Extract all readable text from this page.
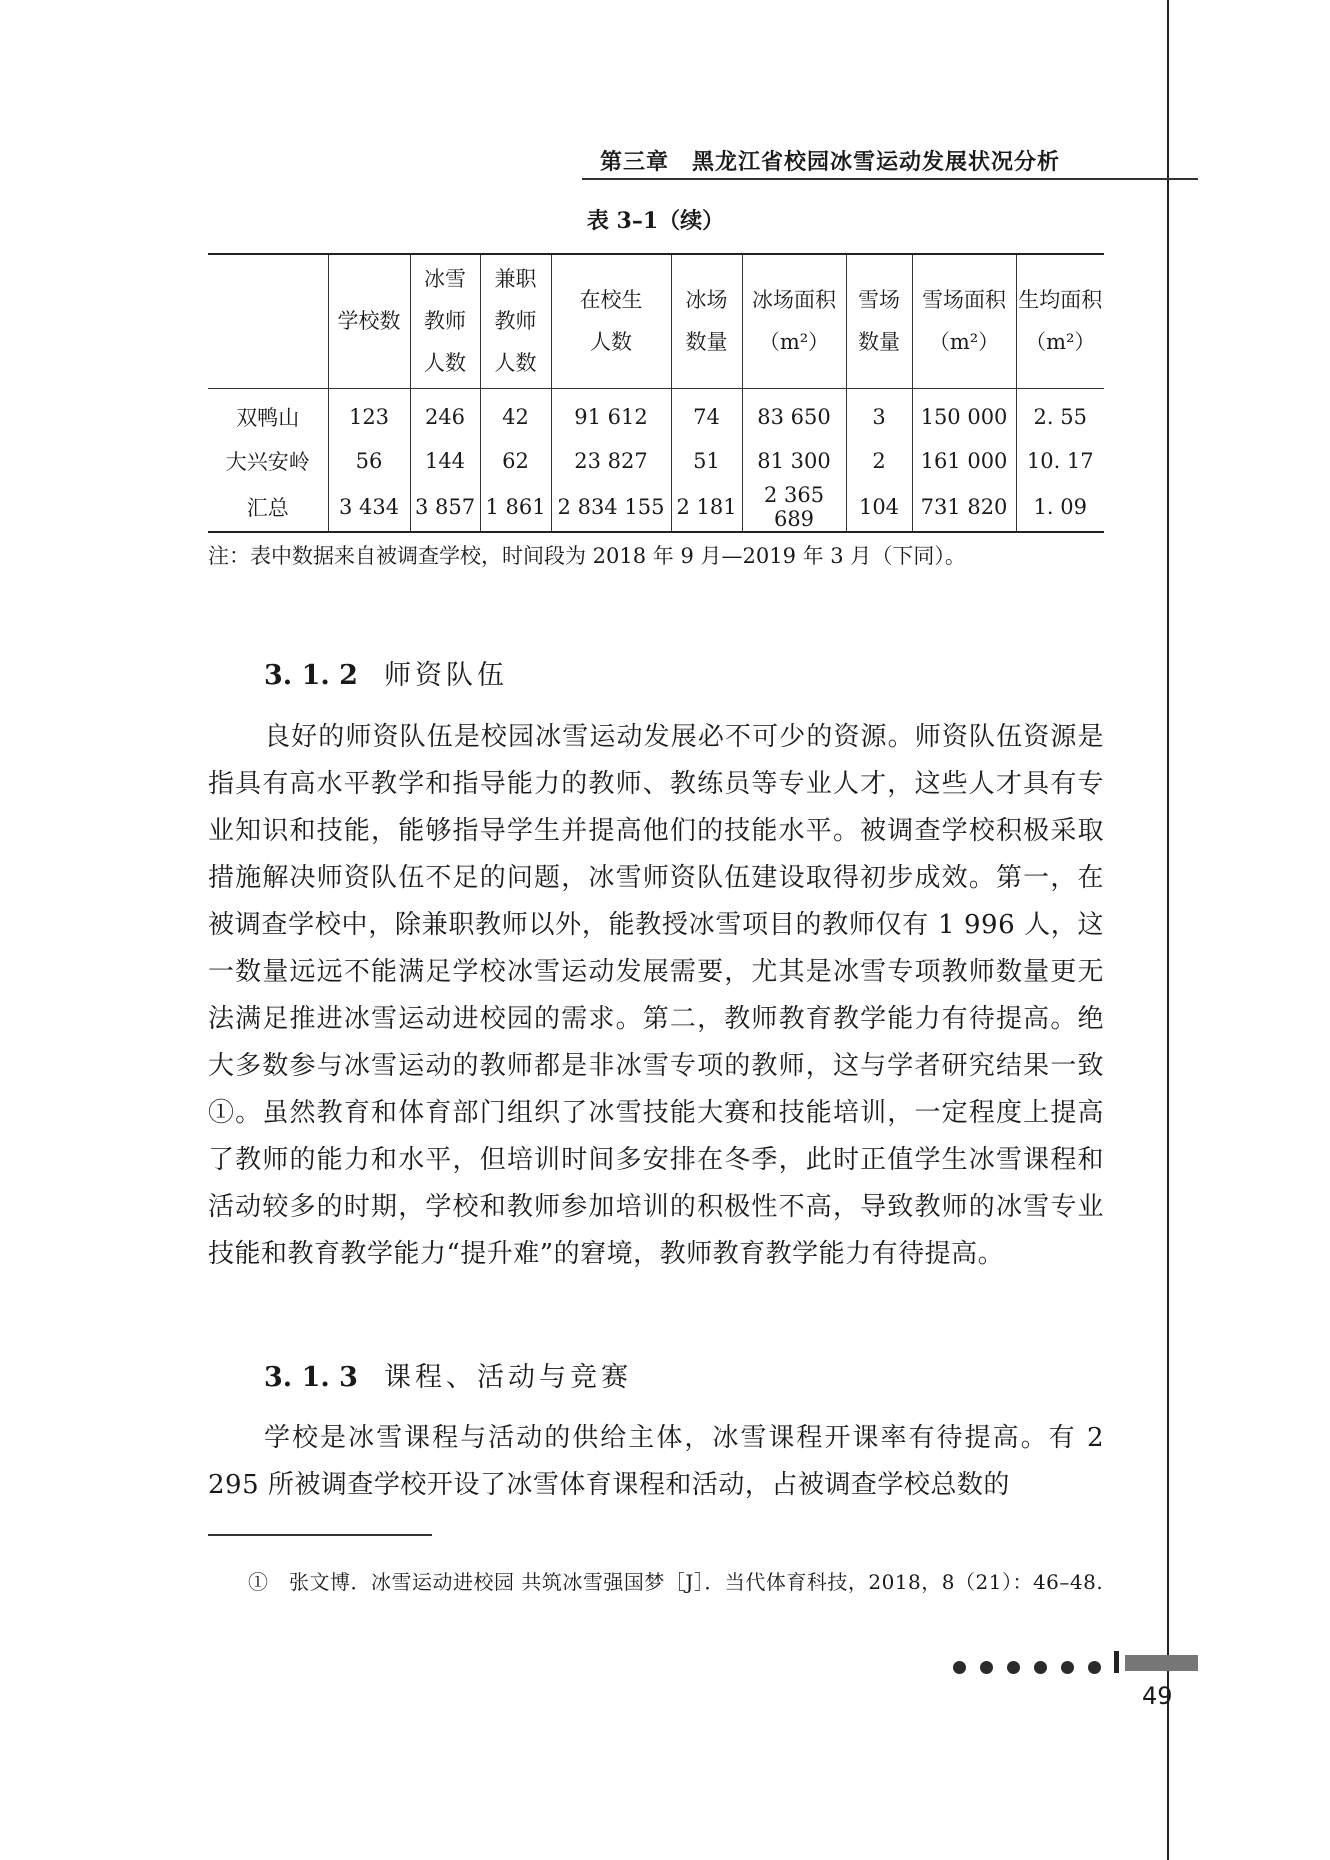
第三章　黑龙江省校园冰雪运动发展状况分析
表 3–1（续）
	学校数	冰雪
教师
人数	兼职
教师
人数	在校生
人数	冰场
数量	冰场面积
（m²）	雪场
数量	雪场面积
（m²）	生均面积
（m²）
双鸭山	123	246	42	91 612	74	83 650	3	150 000	2. 55
大兴安岭	56	144	62	23 827	51	81 300	2	161 000	10. 17
汇总	3 434	3 857	1 861	2 834 155	2 181	2 365 689	104	731 820	1. 09
注：表中数据来自被调查学校，时间段为 2018 年 9 月—2019 年 3 月（下同）。
3. 1. 2 师资队伍
良好的师资队伍是校园冰雪运动发展必不可少的资源。师资队伍资源是指具有高水平教学和指导能力的教师、教练员等专业人才，这些人才具有专业知识和技能，能够指导学生并提高他们的技能水平。被调查学校积极采取措施解决师资队伍不足的问题，冰雪师资队伍建设取得初步成效。第一，在被调查学校中，除兼职教师以外，能教授冰雪项目的教师仅有 1 996 人，这一数量远远不能满足学校冰雪运动发展需要，尤其是冰雪专项教师数量更无法满足推进冰雪运动进校园的需求。第二，教师教育教学能力有待提高。绝大多数参与冰雪运动的教师都是非冰雪专项的教师，这与学者研究结果一致①。虽然教育和体育部门组织了冰雪技能大赛和技能培训，一定程度上提高了教师的能力和水平，但培训时间多安排在冬季，此时正值学生冰雪课程和活动较多的时期，学校和教师参加培训的积极性不高，导致教师的冰雪专业技能和教育教学能力“提升难”的窘境，教师教育教学能力有待提高。
3. 1. 3 课程、活动与竞赛
学校是冰雪课程与活动的供给主体，冰雪课程开课率有待提高。有 2 295 所被调查学校开设了冰雪体育课程和活动，占被调查学校总数的
①　张文博．冰雪运动进校园 共筑冰雪强国梦［J］．当代体育科技，2018，8（21）：46–48.
49
